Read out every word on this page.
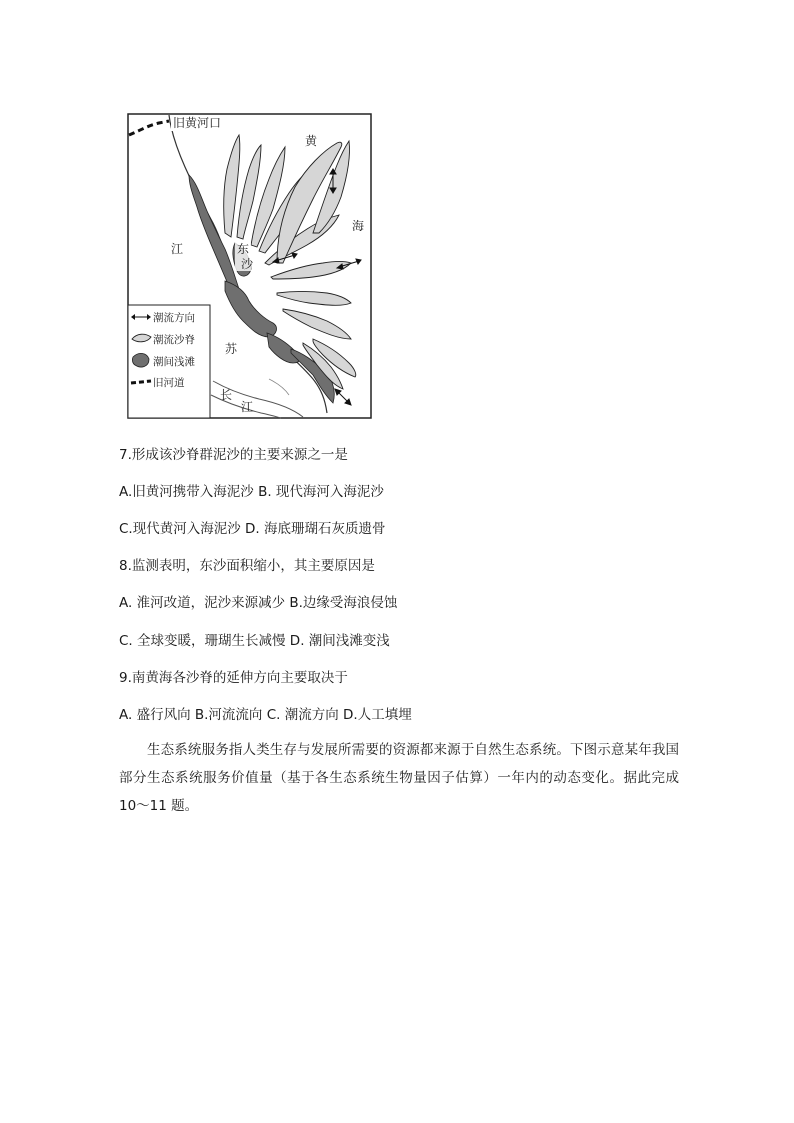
旧黄河口
黄
海
江	东
沙
苏
长
江
潮流方向
潮流沙脊
潮间浅滩
旧河道
7.形成该沙脊群泥沙的主要来源之一是
A.旧黄河携带入海泥沙 B. 现代海河入海泥沙
C.现代黄河入海泥沙 D. 海底珊瑚石灰质遗骨
8.监测表明，东沙面积缩小，其主要原因是
A. 淮河改道，泥沙来源减少 B.边缘受海浪侵蚀
C. 全球变暖，珊瑚生长减慢 D. 潮间浅滩变浅
9.南黄海各沙脊的延伸方向主要取决于
A. 盛行风向 B.河流流向 C. 潮流方向 D.人工填埋
生态系统服务指人类生存与发展所需要的资源都来源于自然生态系统。下图示意某年我国部分生态系统服务价值量（基于各生态系统生物量因子估算）一年内的动态变化。据此完成 10～11 题。
